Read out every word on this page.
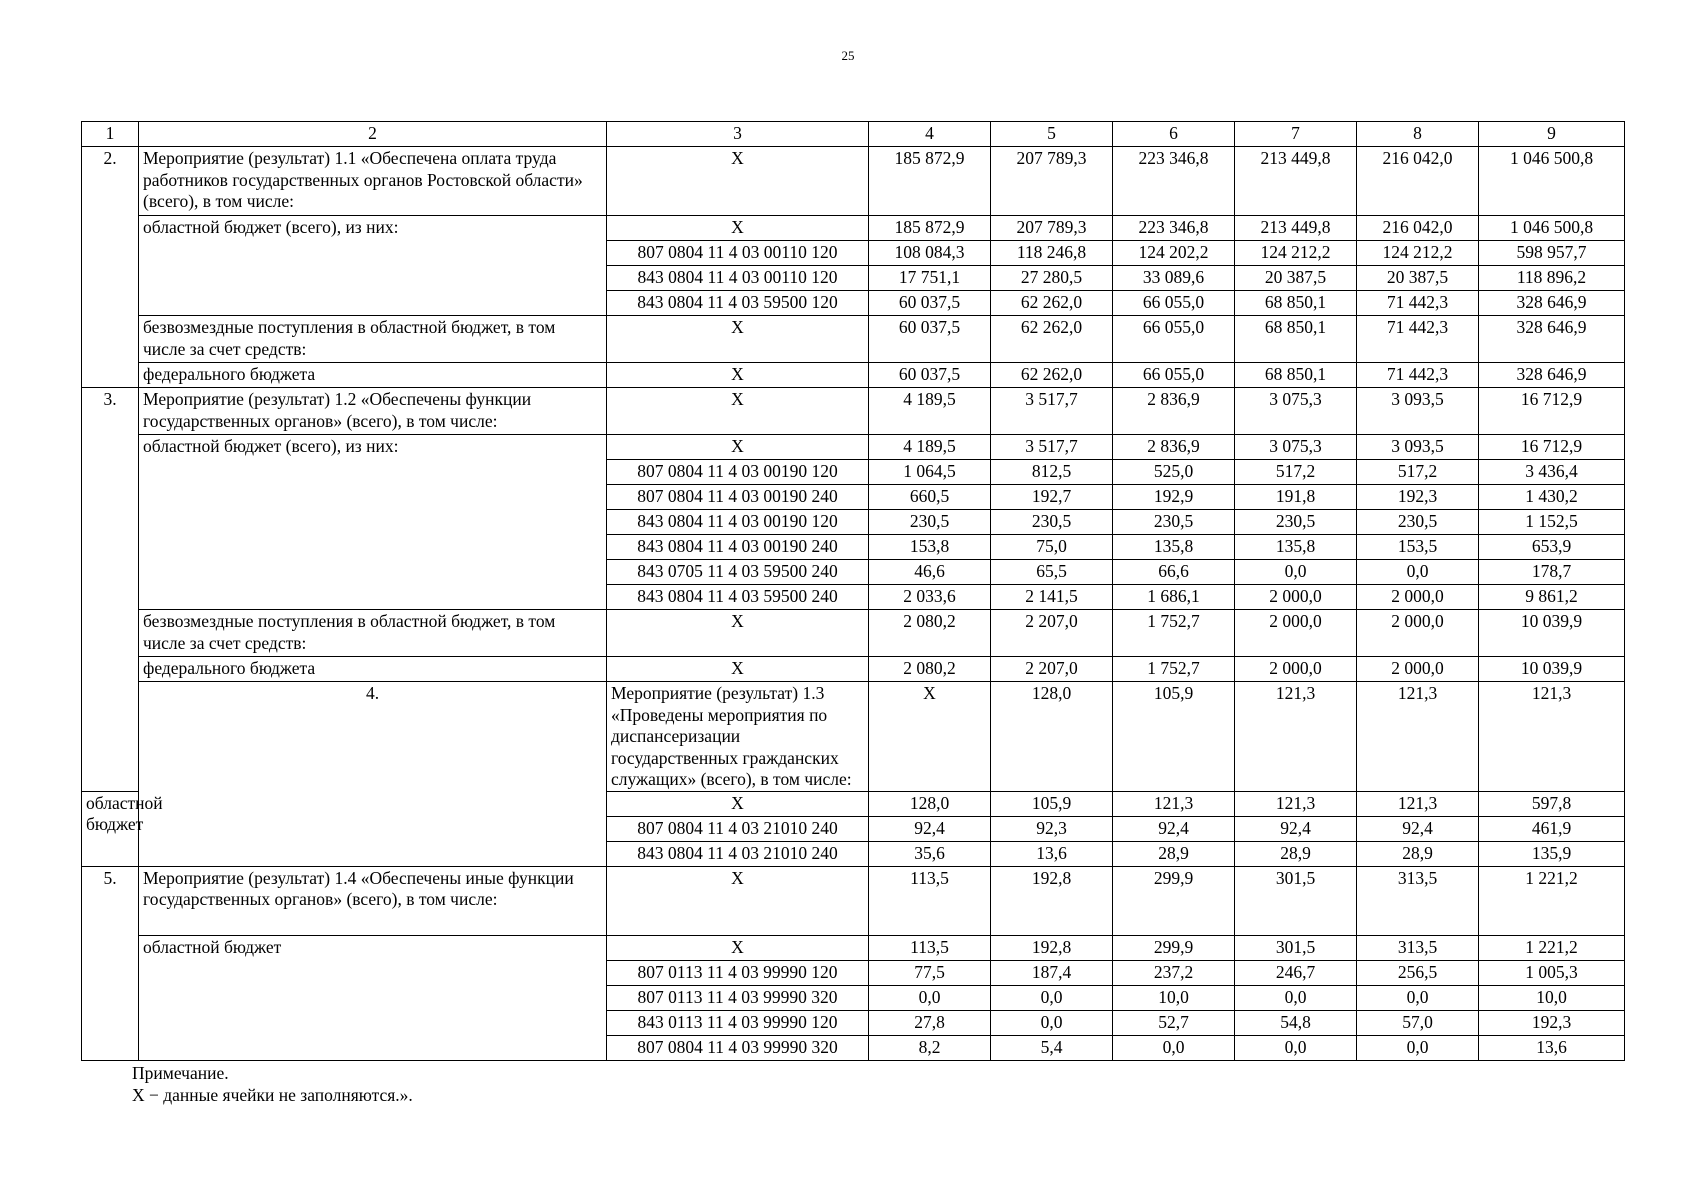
25
1	2	3	4	5	6	7	8	9	
2.	Мероприятие (результат) 1.1 «Обеспечена оплата труда работников государственных органов Ростовской области» (всего), в том числе:	Х	185 872,9	207 789,3	223 346,8	213 449,8	216 042,0	1 046 500,8	
	областной бюджет (всего), из них:	Х	185 872,9	207 789,3	223 346,8	213 449,8	216 042,0	1 046 500,8	
		807 0804 11 4 03 00110 120	108 084,3	118 246,8	124 202,2	124 212,2	124 212,2	598 957,7	
		843 0804 11 4 03 00110 120	17 751,1	27 280,5	33 089,6	20 387,5	20 387,5	118 896,2	
		843 0804 11 4 03 59500 120	60 037,5	62 262,0	66 055,0	68 850,1	71 442,3	328 646,9	
	безвозмездные поступления в областной бюджет, в том числе за счет средств:	Х	60 037,5	62 262,0	66 055,0	68 850,1	71 442,3	328 646,9	
	федерального бюджета	Х	60 037,5	62 262,0	66 055,0	68 850,1	71 442,3	328 646,9	
3.	Мероприятие (результат) 1.2 «Обеспечены функции государственных органов» (всего), в том числе:	Х	4 189,5	3 517,7	2 836,9	3 075,3	3 093,5	16 712,9	
	областной бюджет (всего), из них:	Х	4 189,5	3 517,7	2 836,9	3 075,3	3 093,5	16 712,9	
		807 0804 11 4 03 00190 120	1 064,5	812,5	525,0	517,2	517,2	3 436,4	
		807 0804 11 4 03 00190 240	660,5	192,7	192,9	191,8	192,3	1 430,2	
		843 0804 11 4 03 00190 120	230,5	230,5	230,5	230,5	230,5	1 152,5	
		843 0804 11 4 03 00190 240	153,8	75,0	135,8	135,8	153,5	653,9	
		843 0705 11 4 03 59500 240	46,6	65,5	66,6	0,0	0,0	178,7	
		843 0804 11 4 03 59500 240	2 033,6	2 141,5	1 686,1	2 000,0	2 000,0	9 861,2	
	безвозмездные поступления в областной бюджет, в том числе за счет средств:	Х	2 080,2	2 207,0	1 752,7	2 000,0	2 000,0	10 039,9	
	федерального бюджета	Х	2 080,2	2 207,0	1 752,7	2 000,0	2 000,0	10 039,9	
	4.	Мероприятие (результат) 1.3 «Проведены мероприятия по диспансеризации государственных гражданских служащих» (всего), в том числе:	Х	128,0	105,9	121,3	121,3	121,3	
областной бюджет		Х	128,0	105,9	121,3	121,3	121,3	597,8	
		807 0804 11 4 03 21010 240	92,4	92,3	92,4	92,4	92,4	461,9	
		843 0804 11 4 03 21010 240	35,6	13,6	28,9	28,9	28,9	135,9	
5.	Мероприятие (результат) 1.4 «Обеспечены иные функции государственных органов» (всего), в том числе:	Х	113,5	192,8	299,9	301,5	313,5	1 221,2	
	областной бюджет	Х	113,5	192,8	299,9	301,5	313,5	1 221,2	
		807 0113 11 4 03 99990 120	77,5	187,4	237,2	246,7	256,5	1 005,3	
		807 0113 11 4 03 99990 320	0,0	0,0	10,0	0,0	0,0	10,0	
		843 0113 11 4 03 99990 120	27,8	0,0	52,7	54,8	57,0	192,3	
		807 0804 11 4 03 99990 320	8,2	5,4	0,0	0,0	0,0	13,6	
Примечание.
Х − данные ячейки не заполняются.».
